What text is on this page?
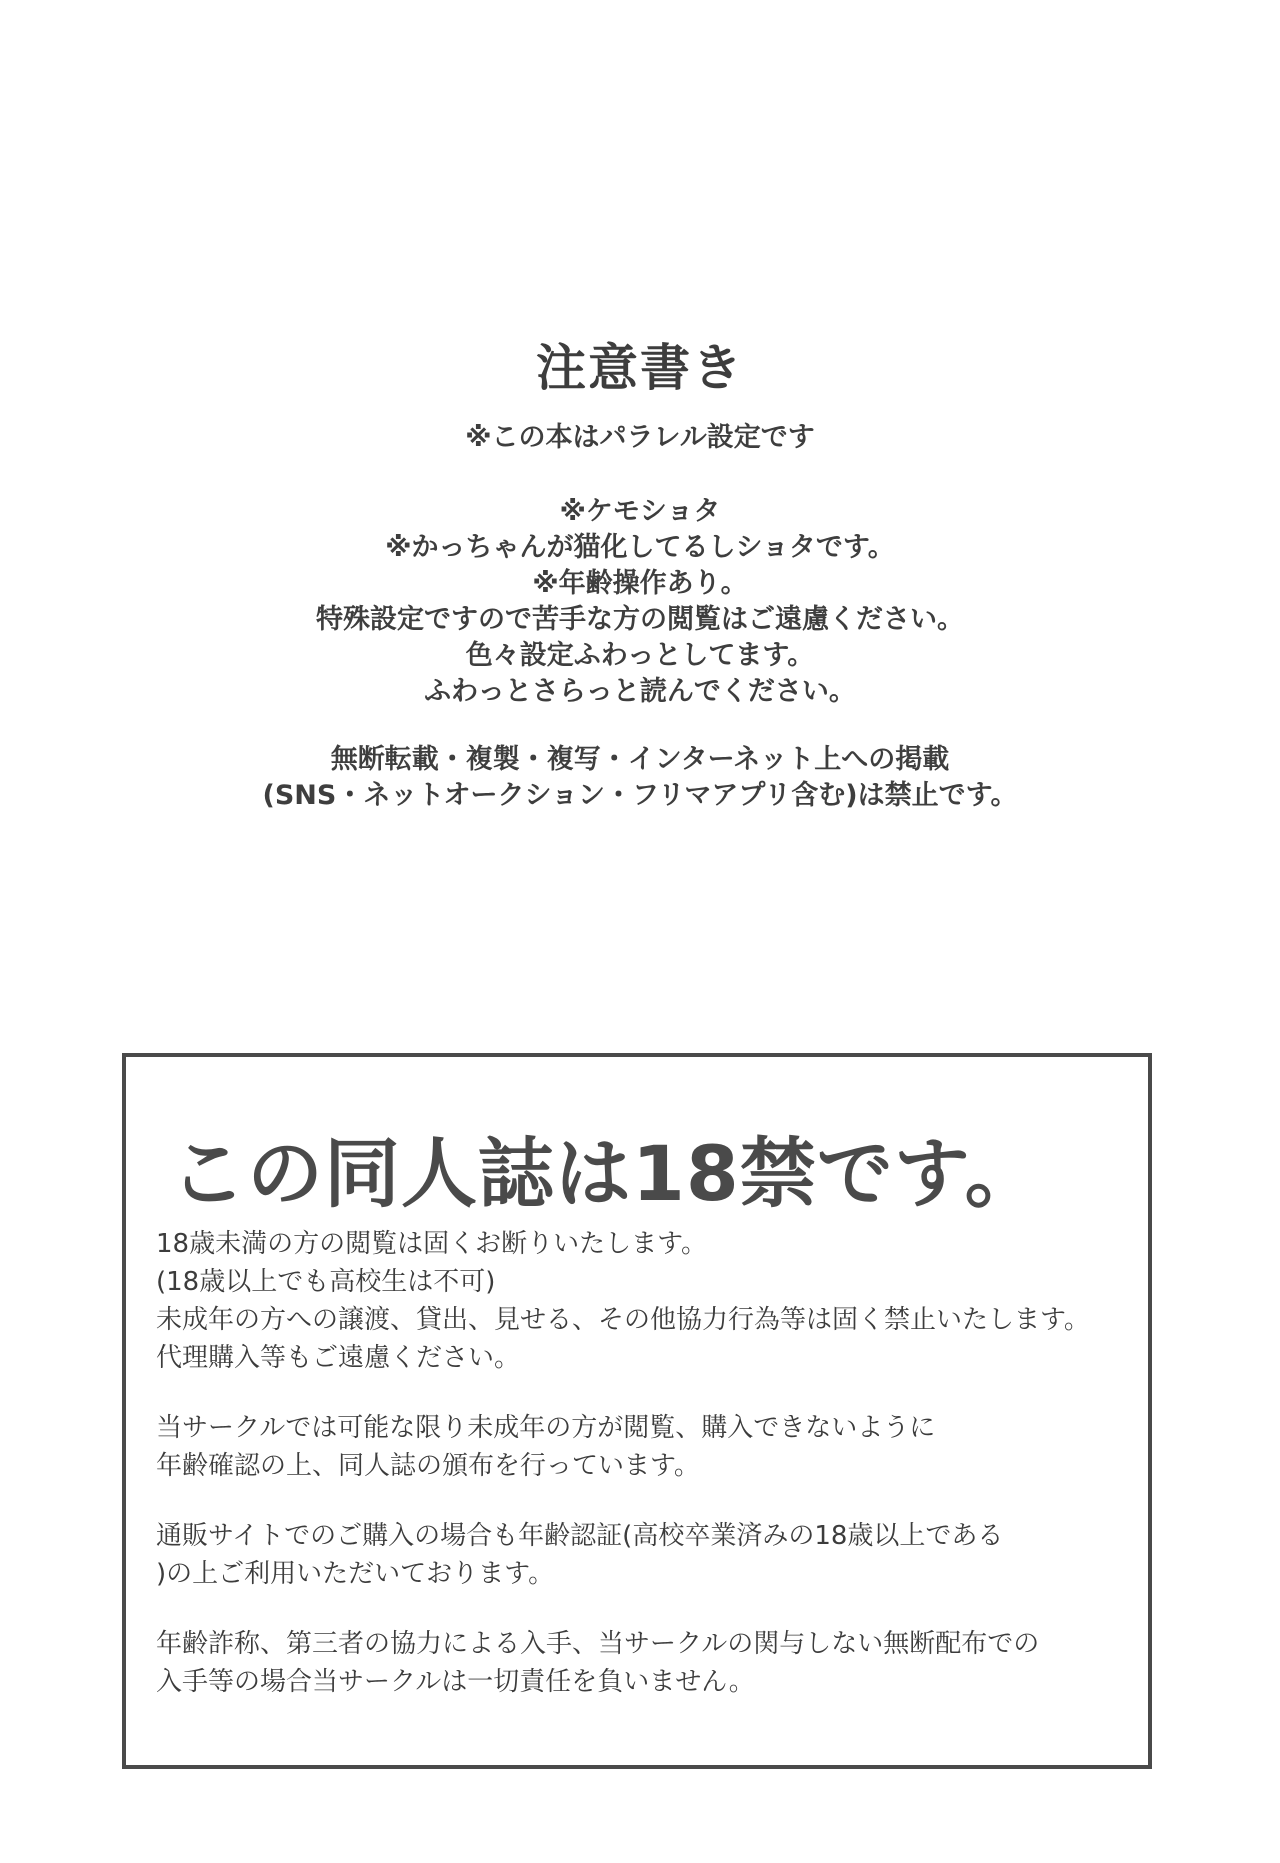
注意書き
※この本はパラレル設定です
※ケモショタ
※かっちゃんが猫化してるしショタです。
※年齢操作あり。
特殊設定ですので苦手な方の閲覧はご遠慮ください。
色々設定ふわっとしてます。
ふわっとさらっと読んでください。
無断転載・複製・複写・インターネット上への掲載
(SNS・ネットオークション・フリマアプリ含む)は禁止です。
この同人誌は18禁です。
18歳未満の方の閲覧は固くお断りいたします。
(18歳以上でも高校生は不可)
未成年の方への譲渡、貸出、見せる、その他協力行為等は固く禁止いたします。
代理購入等もご遠慮ください。
当サークルでは可能な限り未成年の方が閲覧、購入できないように
年齢確認の上、同人誌の頒布を行っています。
通販サイトでのご購入の場合も年齢認証(高校卒業済みの18歳以上である
)の上ご利用いただいております。
年齢詐称、第三者の協力による入手、当サークルの関与しない無断配布での
入手等の場合当サークルは一切責任を負いません。
